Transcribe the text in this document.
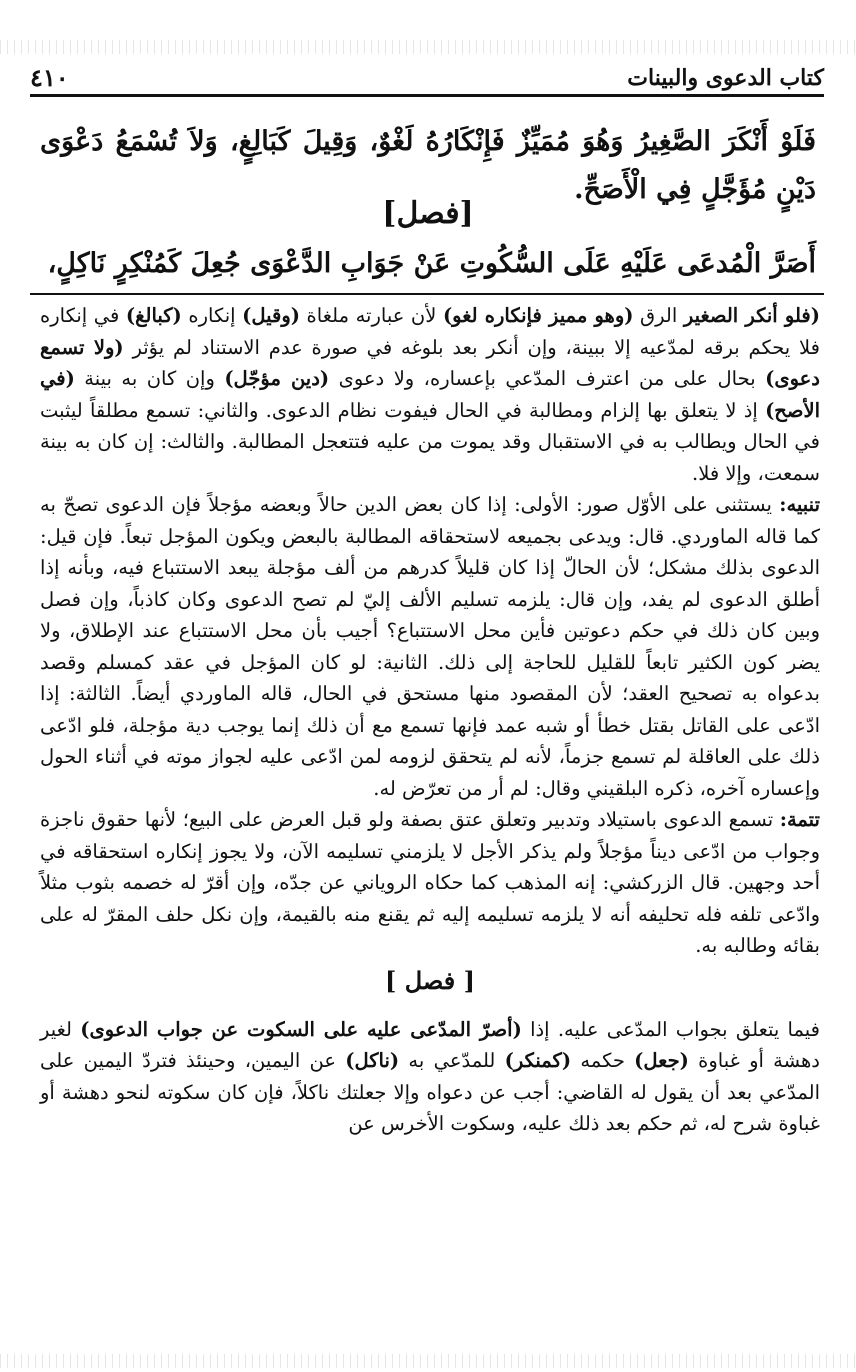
كتاب الدعوى والبينات
٤١٠
فَلَوْ أَنْكَرَ الصَّغِيرُ وَهُوَ مُمَيِّزٌ فَإِنْكَارُهُ لَغْوٌ، وَقِيلَ كَبَالِغٍ، وَلاَ تُسْمَعُ دَعْوَى دَيْنٍ مُؤَجَّلٍ فِي الْأَصَحِّ.
[فصل]
أَصَرَّ الْمُدعَى عَلَيْهِ عَلَى السُّكُوتِ عَنْ جَوَابِ الدَّعْوَى جُعِلَ كَمُنْكِرٍ نَاكِلٍ،

(فلو أنكر الصغير الرق (وهو مميز فإنكاره لغو) لأن عبارته ملغاة (وقيل) إنكاره (كبالغ) في إنكاره فلا يحكم برقه لمدّعيه إلا ببينة، وإن أنكر بعد بلوغه في صورة عدم الاستناد لم يؤثر (ولا تسمع دعوى) بحال على من اعترف المدّعي بإعساره، ولا دعوى (دين مؤجّل) وإن كان به بينة (في الأصح) إذ لا يتعلق بها إلزام ومطالبة في الحال فيفوت نظام الدعوى. والثاني: تسمع مطلقاً ليثبت في الحال ويطالب به في الاستقبال وقد يموت من عليه فتتعجل المطالبة. والثالث: إن كان به بينة سمعت، وإلا فلا.

تنبيه: يستثنى على الأوّل صور: الأولى: إذا كان بعض الدين حالاً وبعضه مؤجلاً فإن الدعوى تصحّ به كما قاله الماوردي. قال: ويدعى بجميعه لاستحقاقه المطالبة بالبعض ويكون المؤجل تبعاً. فإن قيل: الدعوى بذلك مشكل؛ لأن الحالّ إذا كان قليلاً كدرهم من ألف مؤجلة يبعد الاستتباع فيه، وبأنه إذا أطلق الدعوى لم يفد، وإن قال: يلزمه تسليم الألف إليّ لم تصح الدعوى وكان كاذباً، وإن فصل وبين كان ذلك في حكم دعوتين فأين محل الاستتباع؟ أجيب بأن محل الاستتباع عند الإطلاق، ولا يضر كون الكثير تابعاً للقليل للحاجة إلى ذلك. الثانية: لو كان المؤجل في عقد كمسلم وقصد بدعواه به تصحيح العقد؛ لأن المقصود منها مستحق في الحال، قاله الماوردي أيضاً. الثالثة: إذا ادّعى على القاتل بقتل خطأ أو شبه عمد فإنها تسمع مع أن ذلك إنما يوجب دية مؤجلة، فلو ادّعى ذلك على العاقلة لم تسمع جزماً، لأنه لم يتحقق لزومه لمن ادّعى عليه لجواز موته في أثناء الحول وإعساره آخره، ذكره البلقيني وقال: لم أر من تعرّض له.

تتمة: تسمع الدعوى باستيلاد وتدبير وتعلق عتق بصفة ولو قبل العرض على البيع؛ لأنها حقوق ناجزة وجواب من ادّعى ديناً مؤجلاً ولم يذكر الأجل لا يلزمني تسليمه الآن، ولا يجوز إنكاره استحقاقه في أحد وجهين. قال الزركشي: إنه المذهب كما حكاه الروياني عن جدّه، وإن أقرّ له خصمه بثوب مثلاً وادّعى تلفه فله تحليفه أنه لا يلزمه تسليمه إليه ثم يقنع منه بالقيمة، وإن نكل حلف المقرّ له على بقائه وطالبه به.

[ فصل ]

فيما يتعلق بجواب المدّعى عليه. إذا (أصرّ المدّعى عليه على السكوت عن جواب الدعوى) لغير دهشة أو غباوة (جعل) حكمه (كمنكر) للمدّعي به (ناكل) عن اليمين، وحينئذ فتردّ اليمين على المدّعي بعد أن يقول له القاضي: أجب عن دعواه وإلا جعلتك ناكلاً، فإن كان سكوته لنحو دهشة أو غباوة شرح له، ثم حكم بعد ذلك عليه، وسكوت الأخرس عن
